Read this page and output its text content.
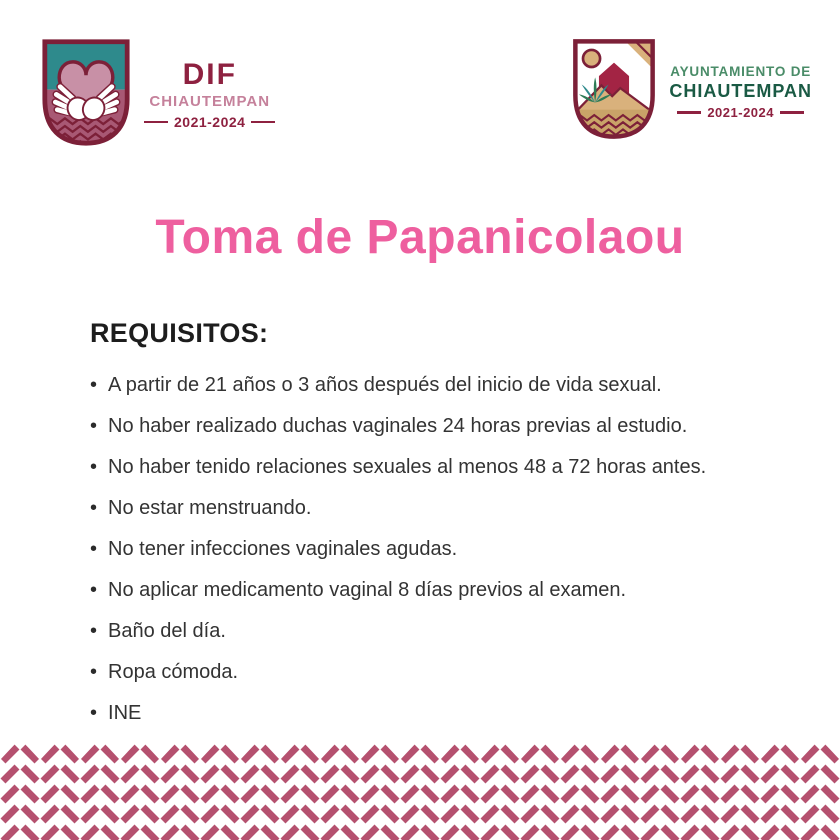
DIF
CHIAUTEMPAN
2021-2024
AYUNTAMIENTO DE
CHIAUTEMPAN
2021-2024
Toma de Papanicolaou
REQUISITOS:
• A partir de 21 años o 3 años después del inicio de vida sexual.
• No haber realizado duchas vaginales 24 horas previas al estudio.
• No haber tenido relaciones sexuales al menos 48 a 72 horas antes.
• No estar menstruando.
• No tener infecciones vaginales agudas.
• No aplicar medicamento vaginal 8 días previos al examen.
• Baño del día.
• Ropa cómoda.
• INE
